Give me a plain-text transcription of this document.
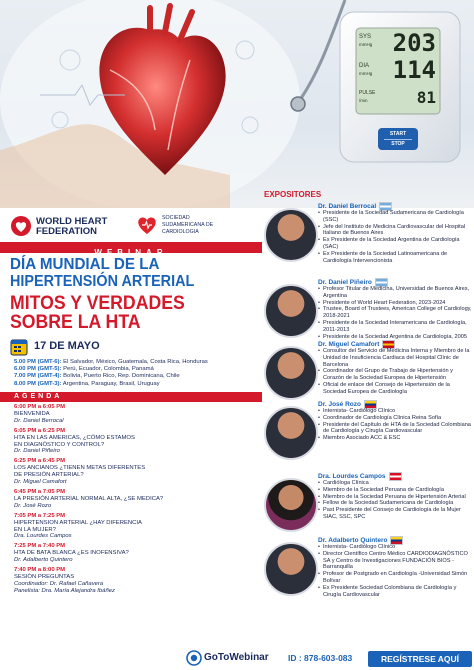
SYS
mmHg 203
DIA
mmHg 114
PULSE
/min	81
START
STOP
WORLD HEART
FEDERATION
SOCIEDAD
SUDAMERICANA DE
CARDIOLOGIA
WEBINAR
DÍA MUNDIAL DE LA
HIPERTENSIÓN ARTERIAL
MITOS Y VERDADES
SOBRE LA HTA
17 DE MAYO
5.00 PM (GMT-6): El Salvador, México, Guatemala, Costa Rica, Honduras
6.00 PM (GMT-5): Perú, Ecuador, Colombia, Panamá
7.00 PM (GMT-4): Bolivia, Puerto Rico, Rep. Dominicana, Chile
8.00 PM (GMT-3): Argentina, Paraguay, Brasil, Uruguay
AGENDA
6:00 PM a 6:05 PM
BIENVENIDA
Dr. Daniel Berrocal
6:05 PM a 6:25 PM
HTA EN LAS AMERICAS, ¿CÓMO ESTAMOS
EN DIAGNÓSTICO Y CONTROL?
Dr. Daniel Piñeiro
6:25 PM a 6:45 PM
LOS ANCIANOS ¿TIENEN METAS DIFERENTES
DE PRESIÓN ARTERIAL?
Dr. Miguel Camafort
6:45 PM a 7:05 PM
LA PRESIÓN ARTERIAL NORMAL ALTA, ¿SE MEDICA?
Dr. José Rozo
7:05 PM a 7:25 PM
HIPERTENSION ARTERIAL ¿HAY DIFERENCIA
EN LA MUJER?
Dra. Lourdes Campos
7:25 PM a 7:40 PM
HTA DE BATA BLANCA ¿ES INOFENSIVA?
Dr. Adalberto Quintero
7:40 PM a 8:00 PM
SESIÓN PREGUNTAS
Coordinador: Dr. Rafael Cañavera
Panelista: Dra. María Alejandra Ibáñez
EXPOSITORES
Dr. Daniel Berrocal
• Presidente de la Sociedad Sudamericana de Cardiología (SSC)
• Jefe del Instituto de Medicina Cardiovascular del Hospital Italiano de Buenos Aires
• Ex Presidente de la Sociedad Argentina de Cardiología (SAC)
• Ex Presidente de la Sociedad Latinoamericana de Cardiología Intervencionista
Dr. Daniel Piñeiro
• Profesor Titular de Medicina, Universidad de Buenos Aires, Argentina
• Presidente of World Heart Federation, 2023-2024
• Trustee, Board of Trustees, American College of Cardiology, 2018-2021
• Presidente de la Sociedad Interamericana de Cardiología, 2011-2013
• Presidente de la Sociedad Argentina de Cardiología, 2005
Dr. Miguel Camafort
• Consultor del Servicio de Medicina Interna y Miembro de la Unidad de Insuficiencia Cardiaca del Hospital Clínic de Barcelona
• Coordinador del Grupo de Trabajo de Hipertensión y Corazón de la Sociedad Europea de Hipertensión
• Oficial de enlace del Consejo de Hipertensión de la Sociedad Europea de Cardiología
Dr. José Rozo
• Internista- Cardiólogo Clínico
• Coordinador de Cardiología Clínica Reina Sofía
• Presidente del Capítulo de HTA de la Sociedad Colombiana de Cardiología y Cirugía Cardiovascular
• Miembro Asociado ACC & ESC
Dra. Lourdes Campos
• Cardióloga Clínica
• Miembro de la Sociedad Peruana de Cardiología
• Miembro de la Sociedad Peruana de Hipertensión Arterial
• Fellow de la Sociedad Sudamericana de Cardiología
• Past Presidente del Consejo de Cardiología de la Mujer SIAC, SSC, SPC
Dr. Adalberto Quintero
• Internista- Cardiólogo Clínico
• Director Científico Centro Médico CARDIODIAGNÓSTICO SA y Centro de Investigaciones FUNDACIÓN BIOS - Barranquilla
• Profesor de Postgrado en Cardiología -Universidad Simón Bolívar
• Ex Presidente Sociedad Colombiana de Cardiología y Cirugía Cardiovascular
GoToWebinar ID : 878-603-083	REGÍSTRESE AQUÍ
